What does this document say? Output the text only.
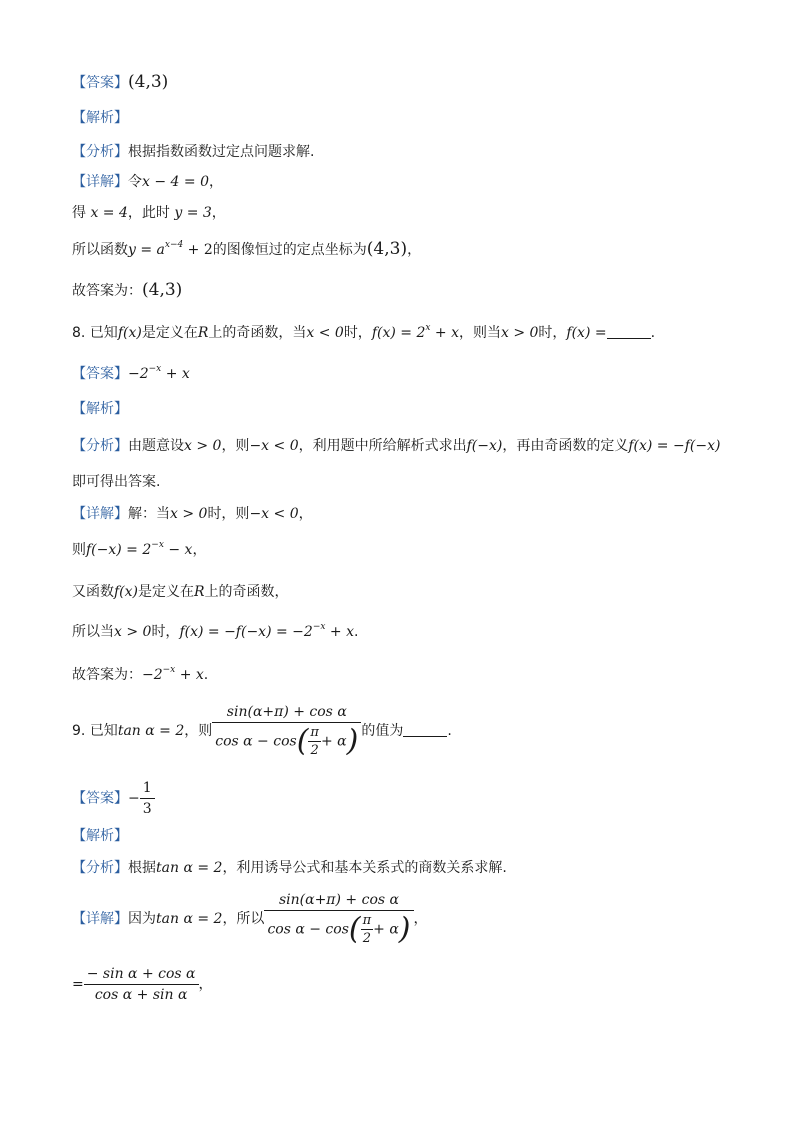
【答案】(4,3)
【解析】
【分析】根据指数函数过定点问题求解.
【详解】令x − 4 = 0，
得 x = 4，此时 y = 3，
所以函数$y = a^{x-4} + 2$的图像恒过的定点坐标为(4,3)，
故答案为：(4,3)
8. 已知f(x)是定义在R上的奇函数，当x < 0时，$f(x) = 2^x + x$，则当x > 0时，f(x) =	.
【答案】$-2^{-x} + x$
【解析】
【分析】由题意设x > 0，则−x < 0，利用题中所给解析式求出f(−x)，再由奇函数的定义f(x) = −f(−x)
即可得出答案.
【详解】解：当x > 0时，则−x < 0，
则$f(-x) = 2^{-x} - x$，
又函数f(x)是定义在R上的奇函数，
所以当x > 0时，$f(x) = -f(-x) = -2^{-x} + x$.
故答案为：$-2^{-x} + x$.
9. 已知tan α = 2，则 $\frac{\text{sin(α+π) + cos α}}{\cos \alpha - \cos( \frac{\pi}{2} + \alpha)}$ 的值为	.
【答案】− $\frac{1}{3}$
【解析】
【分析】根据tan α = 2，利用诱导公式和基本关系式的商数关系求解.
【详解】因为tan α = 2，所以 $\frac{\text{sin(α+π) + cos α}}{\cos \alpha - \cos( \frac{\pi}{2} + \alpha)}$ ，
= $\frac{\text{− sin α + cos α}}{\text{cos α + sin α}}$ ，
